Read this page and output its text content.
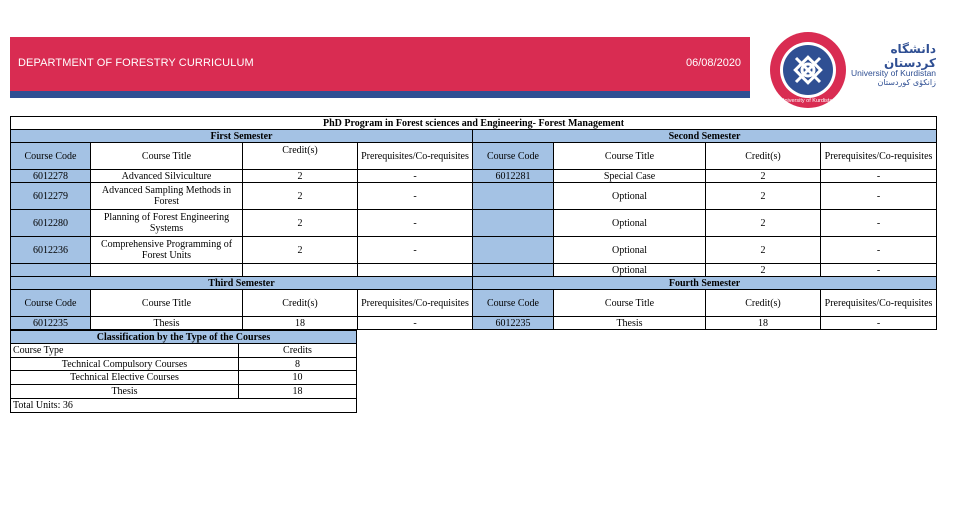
DEPARTMENT OF FORESTRY CURRICULUM	06/08/2020
University of Kurdistan
دانشگاه کردستان
University of Kurdistan
زانکۆی کوردستان
PhD Program in Forest sciences and Engineering- Forest Management							
First Semester				Second Semester			
Course Code	Course Title	Credit(s)	Prerequisites/Co-requisites	Course Code	Course Title	Credit(s)	Prerequisites/Co-requisites
6012278	Advanced Silviculture	2	-	6012281	Special Case	2	-
6012279	Advanced Sampling Methods in Forest	2	-		Optional	2	-
6012280	Planning of Forest Engineering Systems	2	-		Optional	2	-
6012236	Comprehensive Programming of Forest Units	2	-		Optional	2	-
					Optional	2	-
Third Semester				Fourth Semester			
Course Code	Course Title	Credit(s)	Prerequisites/Co-requisites	Course Code	Course Title	Credit(s)	Prerequisites/Co-requisites
6012235	Thesis	18	-	6012235	Thesis	18	-
Classification by the Type of the Courses	
Course Type	Credits
Technical Compulsory Courses	8
Technical Elective Courses	10
Thesis	18
Total Units: 36	
